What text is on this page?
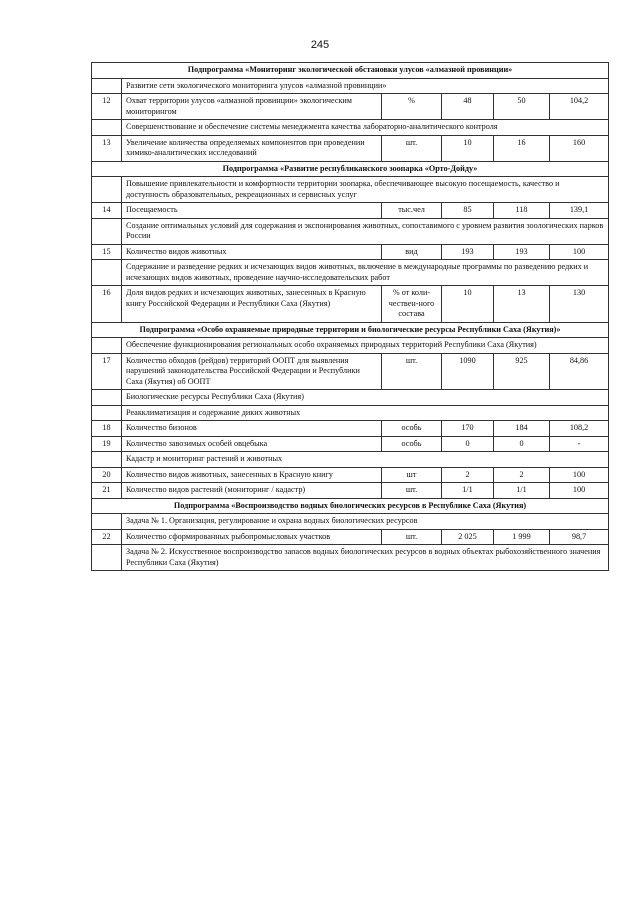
245
Подпрограмма «Мониторинг экологической обстановки улусов «алмазной провинции»					
	Развитие сети экологического мониторинга улусов «алмазной провинции»				
12	Охват территории улусов «алмазной провинции» экологическим мониторингом	%	48	50	104,2
	Совершенствование и обеспечение системы менеджмента качества лабораторно-аналитического контроля				
13	Увеличение количества определяемых компонентов при проведении химико-аналитических исследований	шт.	10	16	160
Подпрограмма «Развитие республиканского зоопарка «Орто-Дойду»					
	Повышение привлекательности и комфортности территории зоопарка, обеспечивающее высокую посещаемость, качество и доступность образовательных, рекреационных и сервисных услуг				
14	Посещаемость	тыс.чел	85	118	139,1
	Создание оптимальных условий для содержания и экспонирования животных, сопоставимого с уровнем развития зоологических парков России				
15	Количество видов животных	вид	193	193	100
	Содержание и разведение редких и исчезающих видов животных, включение в международные программы по разведению редких и исчезающих видов животных, проведение научно-исследовательских работ				
16	Доля видов редких и исчезающих животных, занесенных в Красную книгу Российской Федерации и Республики Саха (Якутия)	% от коли-чествен-ного состава	10	13	130
Подпрограмма «Особо охраняемые природные территории и биологические ресурсы Республики Саха (Якутия)»					
	Обеспечение функционирования региональных особо охраняемых природных территорий Республики Саха (Якутия)				
17	Количество обходов (рейдов) территорий ООПТ для выявления нарушений законодательства Российской Федерации и Республики Саха (Якутия) об ООПТ	шт.	1090	925	84,86
	Биологические ресурсы Республики Саха (Якутия)				
	Реакклиматизация и содержание диких животных				
18	Количество бизонов	особь	170	184	108,2
19	Количество завозимых особей овцебыка	особь	0	0	-
	Кадастр и мониторинг растений и животных				
20	Количество видов животных, занесенных в Красную книгу	шт	2	2	100
21	Количество видов растений (мониторинг / кадастр)	шт.	1/1	1/1	100
Подпрограмма «Воспроизводство водных биологических ресурсов в Республике Саха (Якутия)					
	Задача № 1. Организация, регулирование и охрана водных биологических ресурсов				
22	Количество сформированных рыбопромысловых участков	шт.	2 025	1 999	98,7
	Задача № 2. Искусственное воспроизводство запасов водных биологических ресурсов в водных объектах рыбохозяйственного значения Республики Саха (Якутия)				
